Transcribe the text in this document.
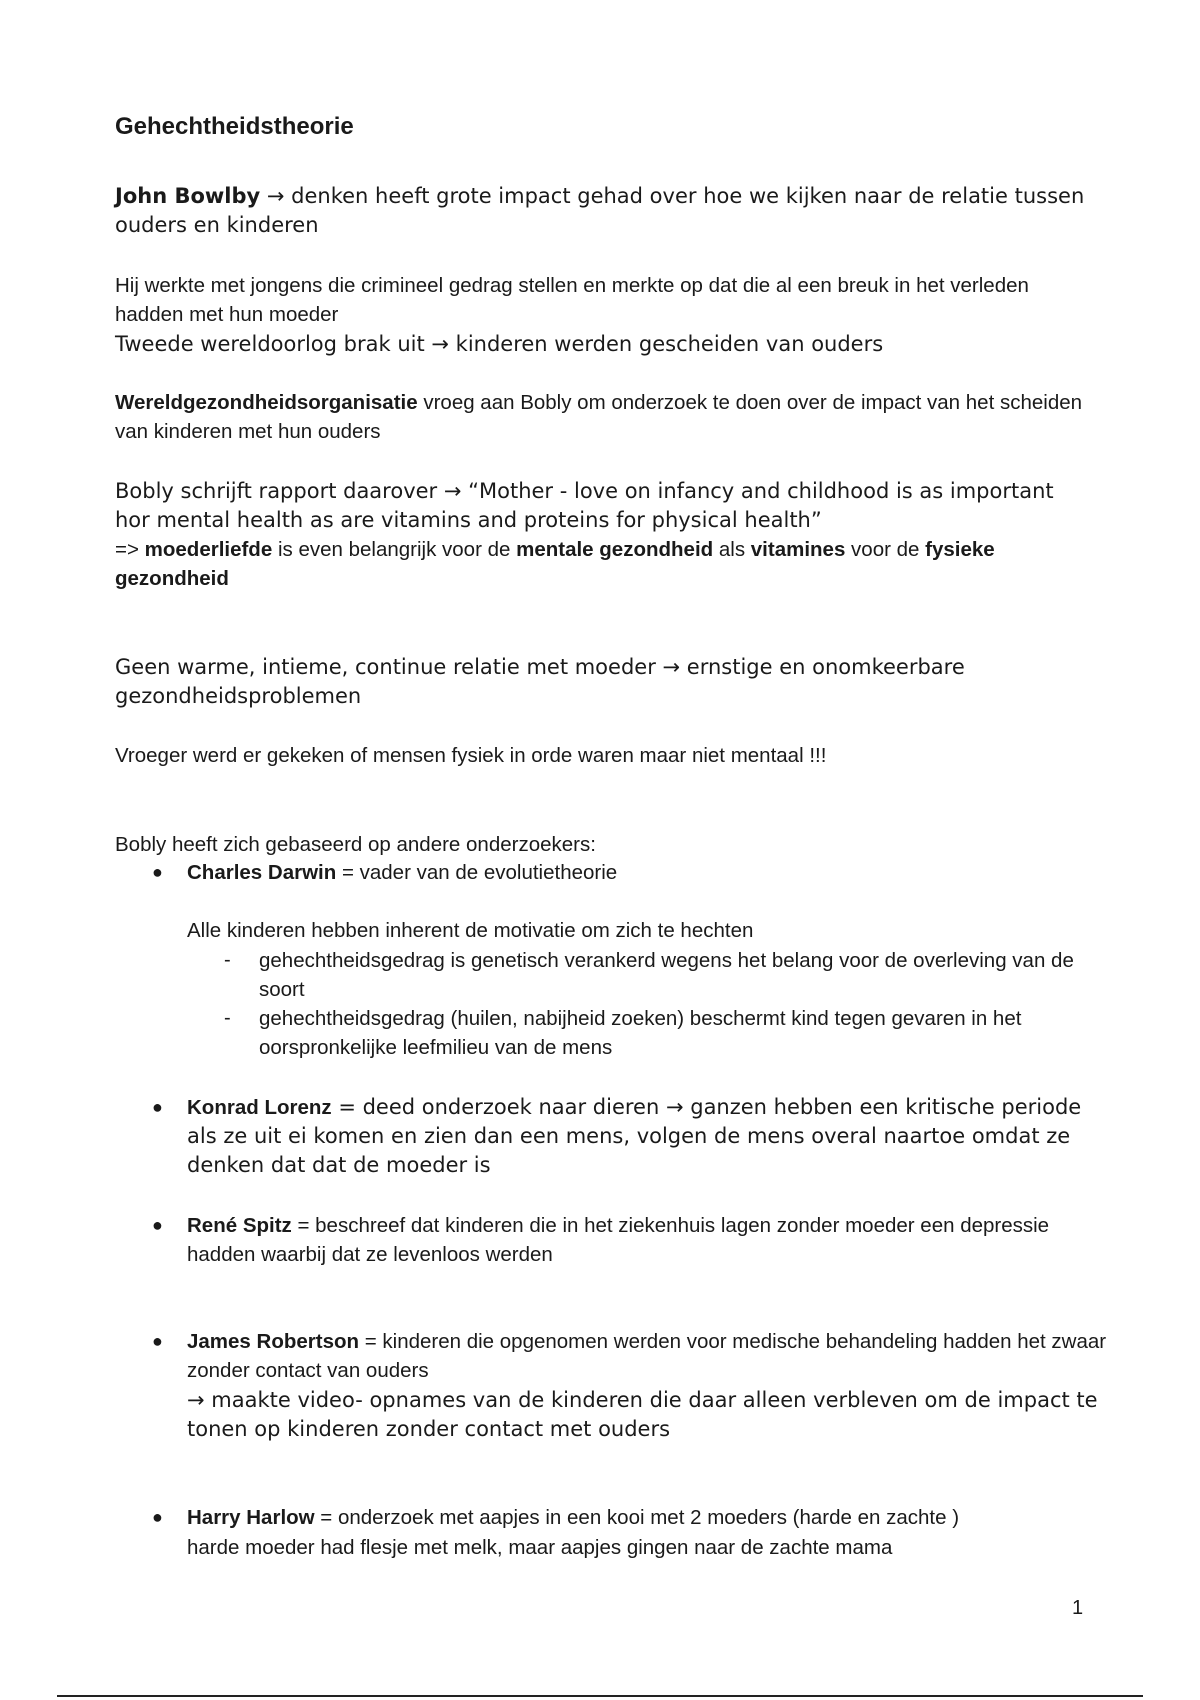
Gehechtheidstheorie

John Bowlby → denken heeft grote impact gehad over hoe we kijken naar de relatie tussen ouders en kinderen

Hij werkte met jongens die crimineel gedrag stellen en merkte op dat die al een breuk in het verleden hadden met hun moeder

Tweede wereldoorlog brak uit → kinderen werden gescheiden van ouders

Wereldgezondheidsorganisatie vroeg aan Bobly om onderzoek te doen over de impact van het scheiden van kinderen met hun ouders

Bobly schrijft rapport daarover → “Mother - love on infancy and childhood is as important hor mental health as are vitamins and proteins for physical health”

=> moederliefde is even belangrijk voor de mentale gezondheid als vitamines voor de fysieke gezondheid

Geen warme, intieme, continue relatie met moeder → ernstige en onomkeerbare gezondheidsproblemen

Vroeger werd er gekeken of mensen fysiek in orde waren maar niet mentaal !!!

Bobly heeft zich gebaseerd op andere onderzoekers:

● Charles Darwin = vader van de evolutietheorie

Alle kinderen hebben inherent de motivatie om zich te hechten

- gehechtheidsgedrag is genetisch verankerd wegens het belang voor de overleving van de soort

- gehechtheidsgedrag (huilen, nabijheid zoeken) beschermt kind tegen gevaren in het oorspronkelijke leefmilieu van de mens

● Konrad Lorenz = deed onderzoek naar dieren → ganzen hebben een kritische periode als ze uit ei komen en zien dan een mens, volgen de mens overal naartoe omdat ze denken dat dat de moeder is

● René Spitz = beschreef dat kinderen die in het ziekenhuis lagen zonder moeder een depressie hadden waarbij dat ze levenloos werden

● James Robertson = kinderen die opgenomen werden voor medische behandeling hadden het zwaar zonder contact van ouders

→ maakte video- opnames van de kinderen die daar alleen verbleven om de impact te tonen op kinderen zonder contact met ouders

● Harry Harlow = onderzoek met aapjes in een kooi met 2 moeders (harde en zachte )

harde moeder had flesje met melk, maar aapjes gingen naar de zachte mama

1
